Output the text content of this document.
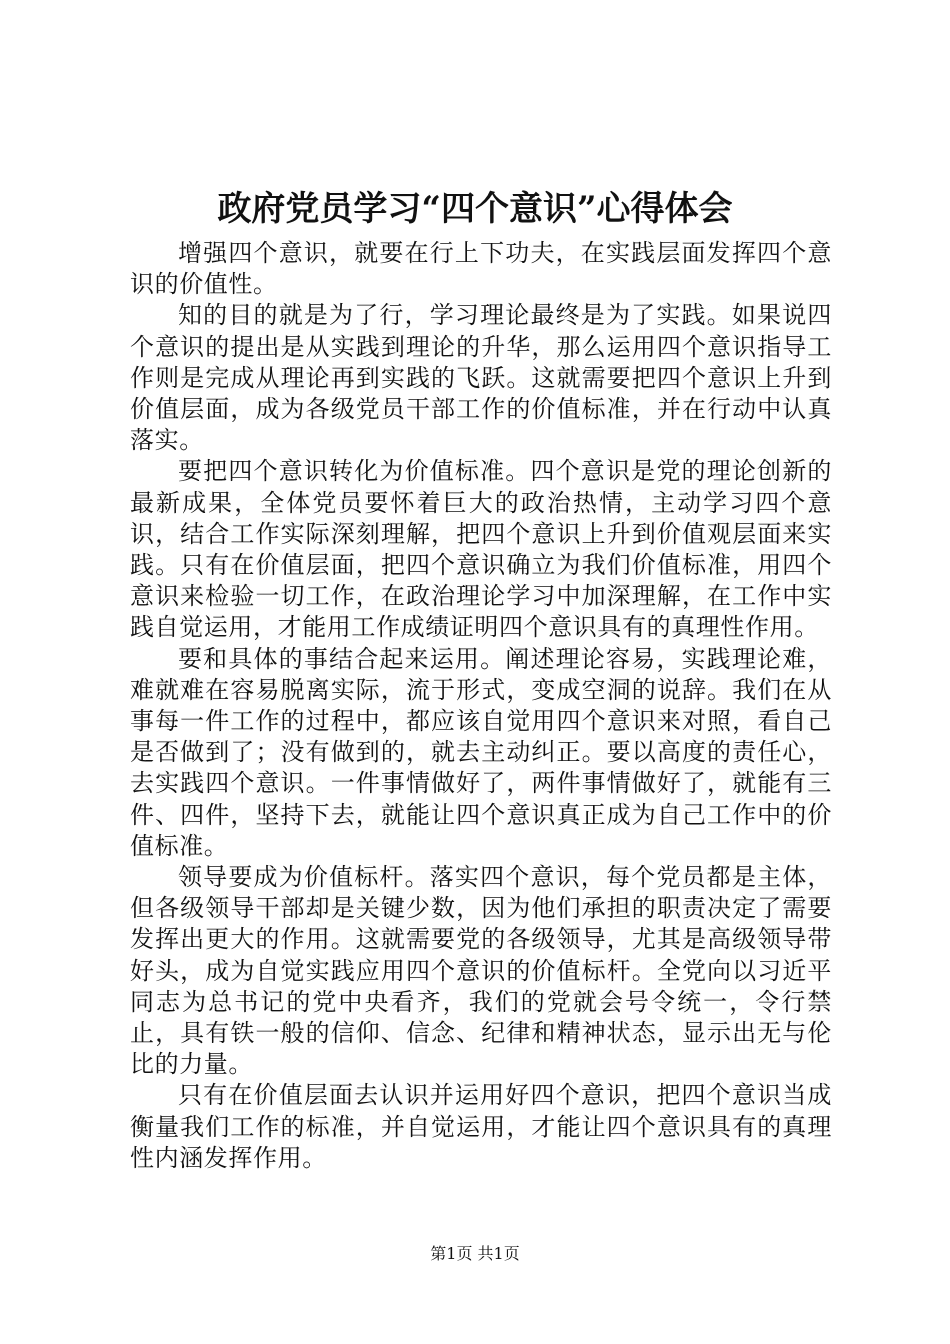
政府党员学习“四个意识”心得体会

增强四个意识，就要在行上下功夫，在实践层面发挥四个意识的价值性。

知的目的就是为了行，学习理论最终是为了实践。如果说四个意识的提出是从实践到理论的升华，那么运用四个意识指导工作则是完成从理论再到实践的飞跃。这就需要把四个意识上升到价值层面，成为各级党员干部工作的价值标准，并在行动中认真落实。

要把四个意识转化为价值标准。四个意识是党的理论创新的最新成果，全体党员要怀着巨大的政治热情，主动学习四个意识，结合工作实际深刻理解，把四个意识上升到价值观层面来实践。只有在价值层面，把四个意识确立为我们价值标准，用四个意识来检验一切工作，在政治理论学习中加深理解，在工作中实践自觉运用，才能用工作成绩证明四个意识具有的真理性作用。

要和具体的事结合起来运用。阐述理论容易，实践理论难，难就难在容易脱离实际，流于形式，变成空洞的说辞。我们在从事每一件工作的过程中，都应该自觉用四个意识来对照，看自己是否做到了；没有做到的，就去主动纠正。要以高度的责任心，去实践四个意识。一件事情做好了，两件事情做好了，就能有三件、四件，坚持下去，就能让四个意识真正成为自己工作中的价值标准。

领导要成为价值标杆。落实四个意识，每个党员都是主体，但各级领导干部却是关键少数，因为他们承担的职责决定了需要发挥出更大的作用。这就需要党的各级领导，尤其是高级领导带好头，成为自觉实践应用四个意识的价值标杆。全党向以习近平同志为总书记的党中央看齐，我们的党就会号令统一，令行禁止，具有铁一般的信仰、信念、纪律和精神状态，显示出无与伦比的力量。

只有在价值层面去认识并运用好四个意识，把四个意识当成衡量我们工作的标准，并自觉运用，才能让四个意识具有的真理性内涵发挥作用。

第1页 共1页
